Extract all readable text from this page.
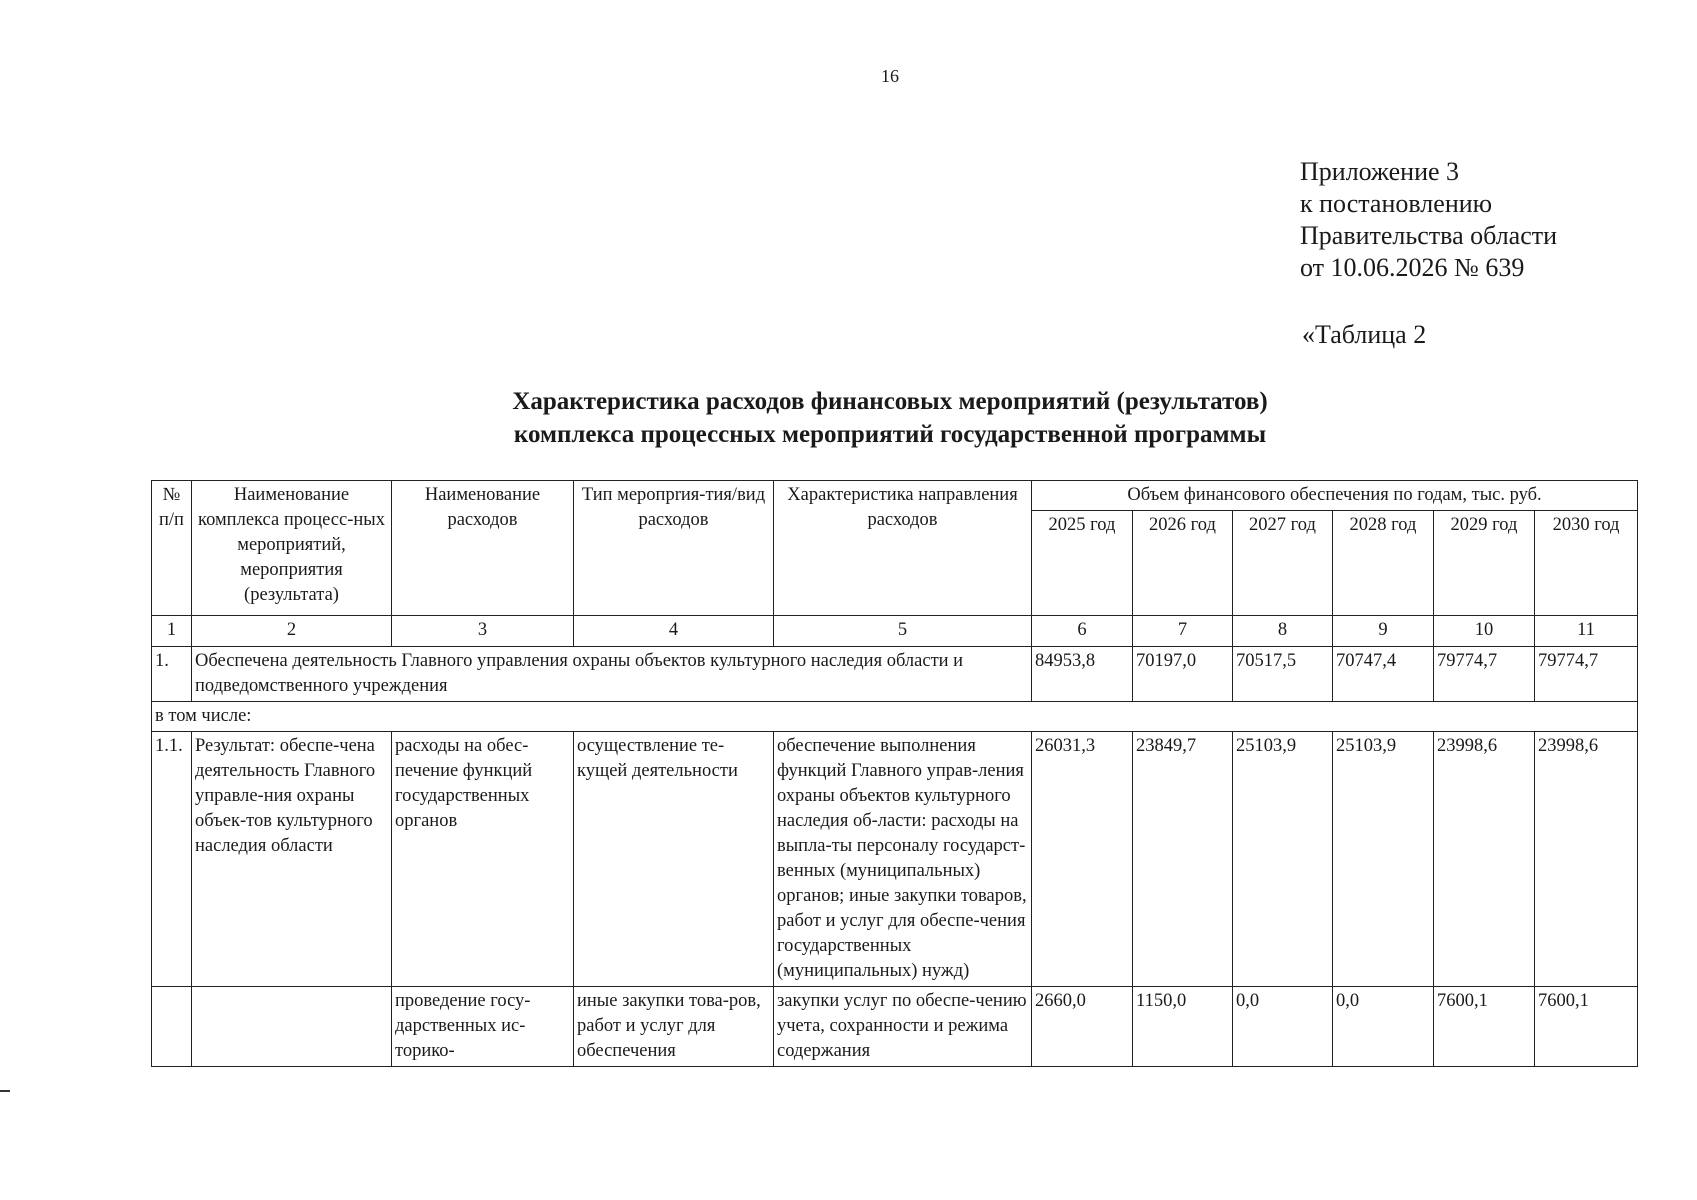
16
Приложение 3
к постановлению
Правительства области
от 10.06.2026 № 639
«Таблица 2
Характеристика расходов финансовых мероприятий (результатов)
комплекса процессных мероприятий государственной программы
№ п/п	Наименование комплекса процесс-ных мероприятий, мероприятия (результата)	Наименование расходов	Тип меропрrия-тия/вид расходов	Характеристика направления расходов	Объем финансового обеспечения по годам, тыс. руб.					
					2025 год	2026 год	2027 год	2028 год	2029 год	2030 год
1	2	3	4	5	6	7	8	9	10	11
1.	Обеспечена деятельность Главного управления охраны объектов культурного наследия области и подведомственного учреждения				84953,8	70197,0	70517,5	70747,4	79774,7	79774,7
в том числе:										
1.1.	Результат: обеспе-чена деятельность Главного управле-ния охраны объек-тов культурного наследия области	расходы на обес-печение функций государственных органов	осуществление те-кущей деятельности	обеспечение выполнения функций Главного управ-ления охраны объектов культурного наследия об-ласти: расходы на выпла-ты персоналу государст-венных (муниципальных) органов; иные закупки товаров, работ и услуг для обеспе-чения государственных (муниципальных) нужд)	26031,3	23849,7	25103,9	25103,9	23998,6	23998,6
		проведение госу-дарственных ис-торико-	иные закупки това-ров, работ и услуг для обеспечения	закупки услуг по обеспе-чению учета, сохранности и режима содержания	2660,0	1150,0	0,0	0,0	7600,1	7600,1
